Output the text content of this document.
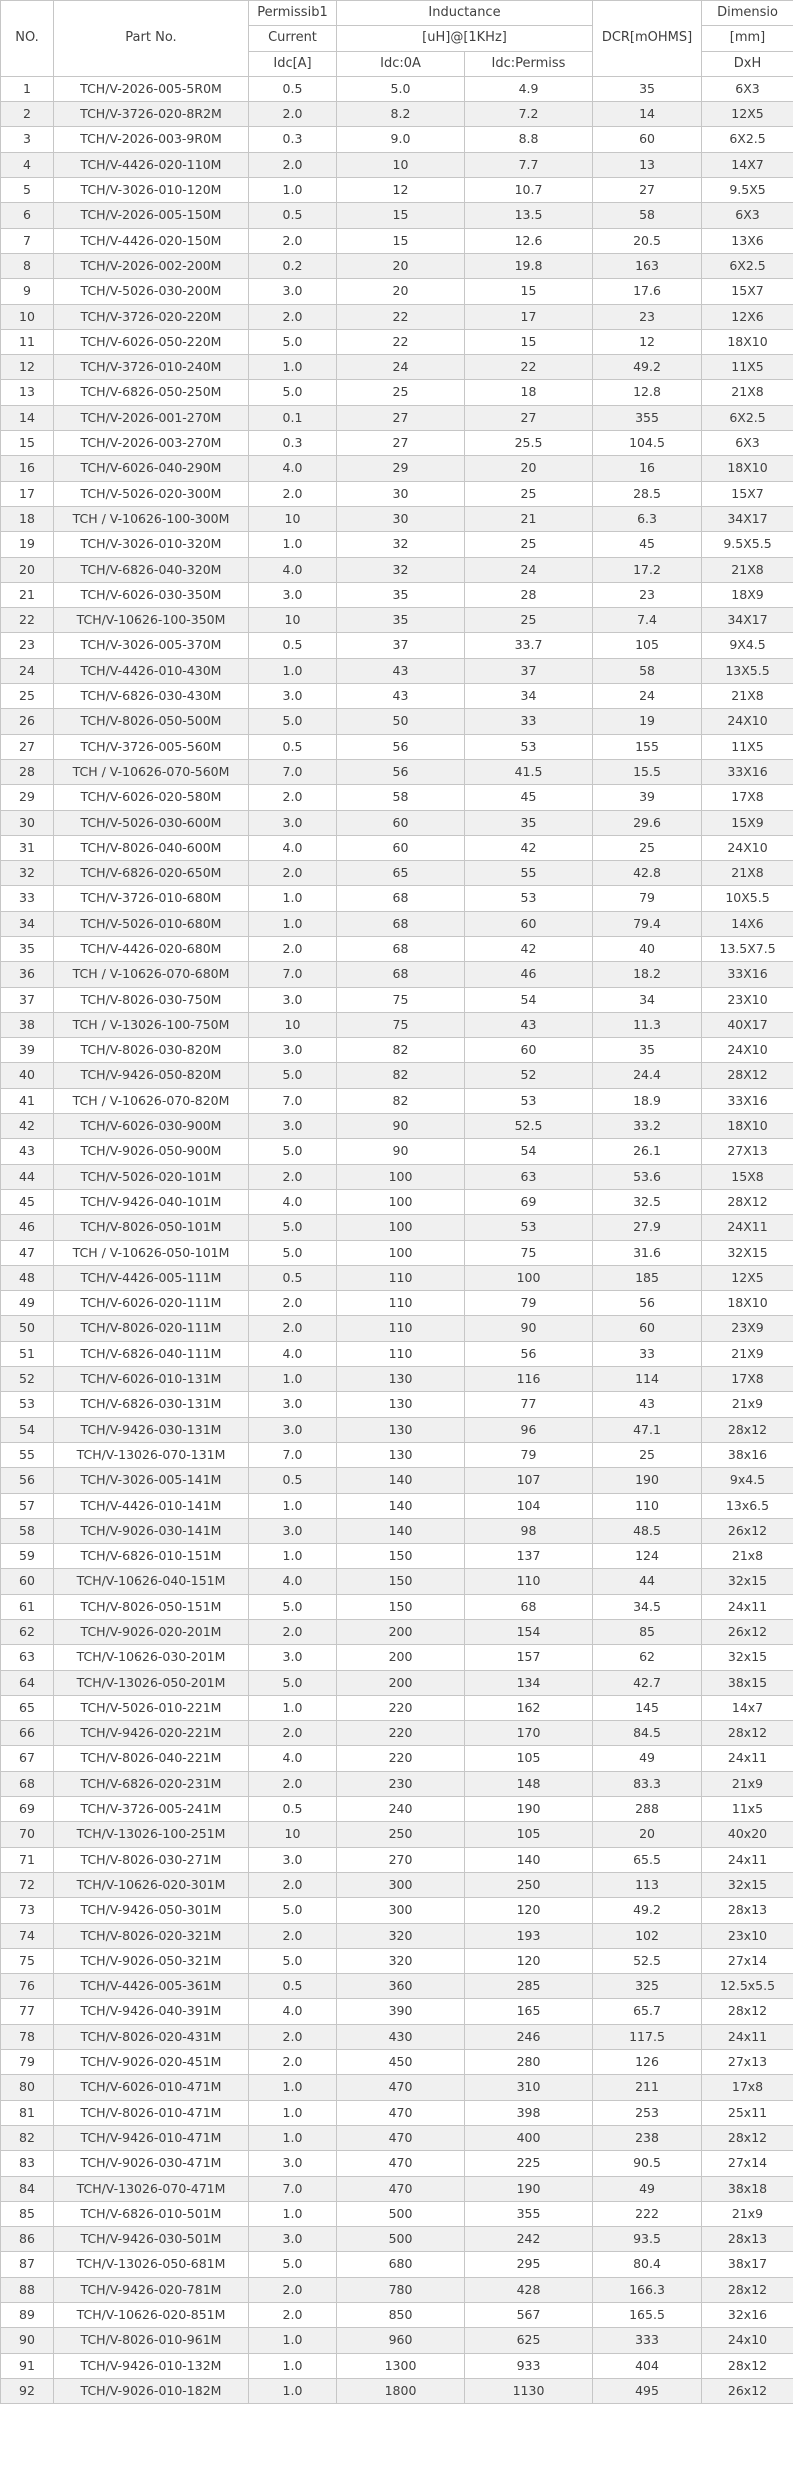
NO.	Part No.	Permissib1	Inductance		DCR[mOHMS]	Dimensio
		Current	[uH]@[1KHz]			[mm]
		Idc[A]	Idc:0A	Idc:Permiss		DxH
1	TCH/V-2026-005-5R0M	0.5	5.0	4.9	35	6X3
2	TCH/V-3726-020-8R2M	2.0	8.2	7.2	14	12X5
3	TCH/V-2026-003-9R0M	0.3	9.0	8.8	60	6X2.5
4	TCH/V-4426-020-110M	2.0	10	7.7	13	14X7
5	TCH/V-3026-010-120M	1.0	12	10.7	27	9.5X5
6	TCH/V-2026-005-150M	0.5	15	13.5	58	6X3
7	TCH/V-4426-020-150M	2.0	15	12.6	20.5	13X6
8	TCH/V-2026-002-200M	0.2	20	19.8	163	6X2.5
9	TCH/V-5026-030-200M	3.0	20	15	17.6	15X7
10	TCH/V-3726-020-220M	2.0	22	17	23	12X6
11	TCH/V-6026-050-220M	5.0	22	15	12	18X10
12	TCH/V-3726-010-240M	1.0	24	22	49.2	11X5
13	TCH/V-6826-050-250M	5.0	25	18	12.8	21X8
14	TCH/V-2026-001-270M	0.1	27	27	355	6X2.5
15	TCH/V-2026-003-270M	0.3	27	25.5	104.5	6X3
16	TCH/V-6026-040-290M	4.0	29	20	16	18X10
17	TCH/V-5026-020-300M	2.0	30	25	28.5	15X7
18	TCH / V-10626-100-300M	10	30	21	6.3	34X17
19	TCH/V-3026-010-320M	1.0	32	25	45	9.5X5.5
20	TCH/V-6826-040-320M	4.0	32	24	17.2	21X8
21	TCH/V-6026-030-350M	3.0	35	28	23	18X9
22	TCH/V-10626-100-350M	10	35	25	7.4	34X17
23	TCH/V-3026-005-370M	0.5	37	33.7	105	9X4.5
24	TCH/V-4426-010-430M	1.0	43	37	58	13X5.5
25	TCH/V-6826-030-430M	3.0	43	34	24	21X8
26	TCH/V-8026-050-500M	5.0	50	33	19	24X10
27	TCH/V-3726-005-560M	0.5	56	53	155	11X5
28	TCH / V-10626-070-560M	7.0	56	41.5	15.5	33X16
29	TCH/V-6026-020-580M	2.0	58	45	39	17X8
30	TCH/V-5026-030-600M	3.0	60	35	29.6	15X9
31	TCH/V-8026-040-600M	4.0	60	42	25	24X10
32	TCH/V-6826-020-650M	2.0	65	55	42.8	21X8
33	TCH/V-3726-010-680M	1.0	68	53	79	10X5.5
34	TCH/V-5026-010-680M	1.0	68	60	79.4	14X6
35	TCH/V-4426-020-680M	2.0	68	42	40	13.5X7.5
36	TCH / V-10626-070-680M	7.0	68	46	18.2	33X16
37	TCH/V-8026-030-750M	3.0	75	54	34	23X10
38	TCH / V-13026-100-750M	10	75	43	11.3	40X17
39	TCH/V-8026-030-820M	3.0	82	60	35	24X10
40	TCH/V-9426-050-820M	5.0	82	52	24.4	28X12
41	TCH / V-10626-070-820M	7.0	82	53	18.9	33X16
42	TCH/V-6026-030-900M	3.0	90	52.5	33.2	18X10
43	TCH/V-9026-050-900M	5.0	90	54	26.1	27X13
44	TCH/V-5026-020-101M	2.0	100	63	53.6	15X8
45	TCH/V-9426-040-101M	4.0	100	69	32.5	28X12
46	TCH/V-8026-050-101M	5.0	100	53	27.9	24X11
47	TCH / V-10626-050-101M	5.0	100	75	31.6	32X15
48	TCH/V-4426-005-111M	0.5	110	100	185	12X5
49	TCH/V-6026-020-111M	2.0	110	79	56	18X10
50	TCH/V-8026-020-111M	2.0	110	90	60	23X9
51	TCH/V-6826-040-111M	4.0	110	56	33	21X9
52	TCH/V-6026-010-131M	1.0	130	116	114	17X8
53	TCH/V-6826-030-131M	3.0	130	77	43	21x9
54	TCH/V-9426-030-131M	3.0	130	96	47.1	28x12
55	TCH/V-13026-070-131M	7.0	130	79	25	38x16
56	TCH/V-3026-005-141M	0.5	140	107	190	9x4.5
57	TCH/V-4426-010-141M	1.0	140	104	110	13x6.5
58	TCH/V-9026-030-141M	3.0	140	98	48.5	26x12
59	TCH/V-6826-010-151M	1.0	150	137	124	21x8
60	TCH/V-10626-040-151M	4.0	150	110	44	32x15
61	TCH/V-8026-050-151M	5.0	150	68	34.5	24x11
62	TCH/V-9026-020-201M	2.0	200	154	85	26x12
63	TCH/V-10626-030-201M	3.0	200	157	62	32x15
64	TCH/V-13026-050-201M	5.0	200	134	42.7	38x15
65	TCH/V-5026-010-221M	1.0	220	162	145	14x7
66	TCH/V-9426-020-221M	2.0	220	170	84.5	28x12
67	TCH/V-8026-040-221M	4.0	220	105	49	24x11
68	TCH/V-6826-020-231M	2.0	230	148	83.3	21x9
69	TCH/V-3726-005-241M	0.5	240	190	288	11x5
70	TCH/V-13026-100-251M	10	250	105	20	40x20
71	TCH/V-8026-030-271M	3.0	270	140	65.5	24x11
72	TCH/V-10626-020-301M	2.0	300	250	113	32x15
73	TCH/V-9426-050-301M	5.0	300	120	49.2	28x13
74	TCH/V-8026-020-321M	2.0	320	193	102	23x10
75	TCH/V-9026-050-321M	5.0	320	120	52.5	27x14
76	TCH/V-4426-005-361M	0.5	360	285	325	12.5x5.5
77	TCH/V-9426-040-391M	4.0	390	165	65.7	28x12
78	TCH/V-8026-020-431M	2.0	430	246	117.5	24x11
79	TCH/V-9026-020-451M	2.0	450	280	126	27x13
80	TCH/V-6026-010-471M	1.0	470	310	211	17x8
81	TCH/V-8026-010-471M	1.0	470	398	253	25x11
82	TCH/V-9426-010-471M	1.0	470	400	238	28x12
83	TCH/V-9026-030-471M	3.0	470	225	90.5	27x14
84	TCH/V-13026-070-471M	7.0	470	190	49	38x18
85	TCH/V-6826-010-501M	1.0	500	355	222	21x9
86	TCH/V-9426-030-501M	3.0	500	242	93.5	28x13
87	TCH/V-13026-050-681M	5.0	680	295	80.4	38x17
88	TCH/V-9426-020-781M	2.0	780	428	166.3	28x12
89	TCH/V-10626-020-851M	2.0	850	567	165.5	32x16
90	TCH/V-8026-010-961M	1.0	960	625	333	24x10
91	TCH/V-9426-010-132M	1.0	1300	933	404	28x12
92	TCH/V-9026-010-182M	1.0	1800	1130	495	26x12
